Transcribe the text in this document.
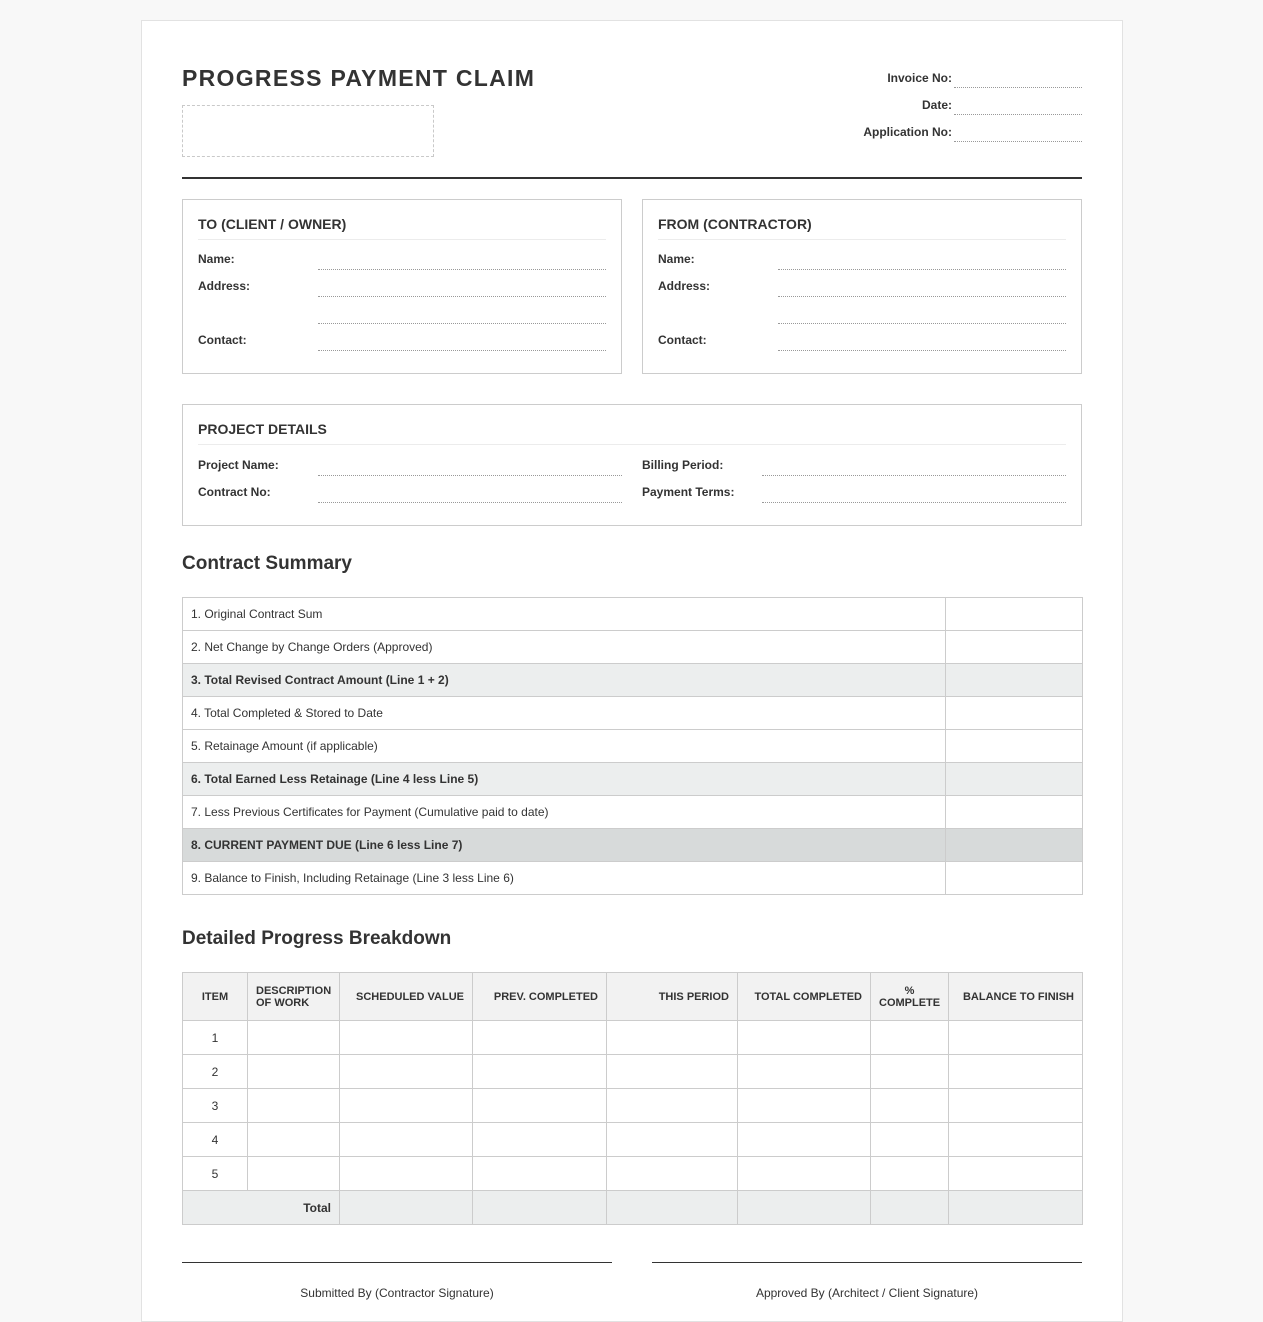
PROGRESS PAYMENT CLAIM	Invoice No:
Date:
Application No:
TO (CLIENT / OWNER)
Name:
Address:
Contact:
FROM (CONTRACTOR)
Name:
Address:
Contact:
PROJECT DETAILS
Project Name:
Contract No:
Billing Period:
Payment Terms:
Contract Summary
1. Original Contract Sum	
2. Net Change by Change Orders (Approved)	
3. Total Revised Contract Amount (Line 1 + 2)	
4. Total Completed & Stored to Date	
5. Retainage Amount (if applicable)	
6. Total Earned Less Retainage (Line 4 less Line 5)	
7. Less Previous Certificates for Payment (Cumulative paid to date)	
8. CURRENT PAYMENT DUE (Line 6 less Line 7)	
9. Balance to Finish, Including Retainage (Line 3 less Line 6)	
Detailed Progress Breakdown
ITEM	DESCRIPTION OF WORK	SCHEDULED VALUE	PREV. COMPLETED	THIS PERIOD	TOTAL COMPLETED	% COMPLETE	BALANCE TO FINISH
1							
2							
3							
4							
5							
Total							
Submitted By (Contractor Signature)	Approved By (Architect / Client Signature)
